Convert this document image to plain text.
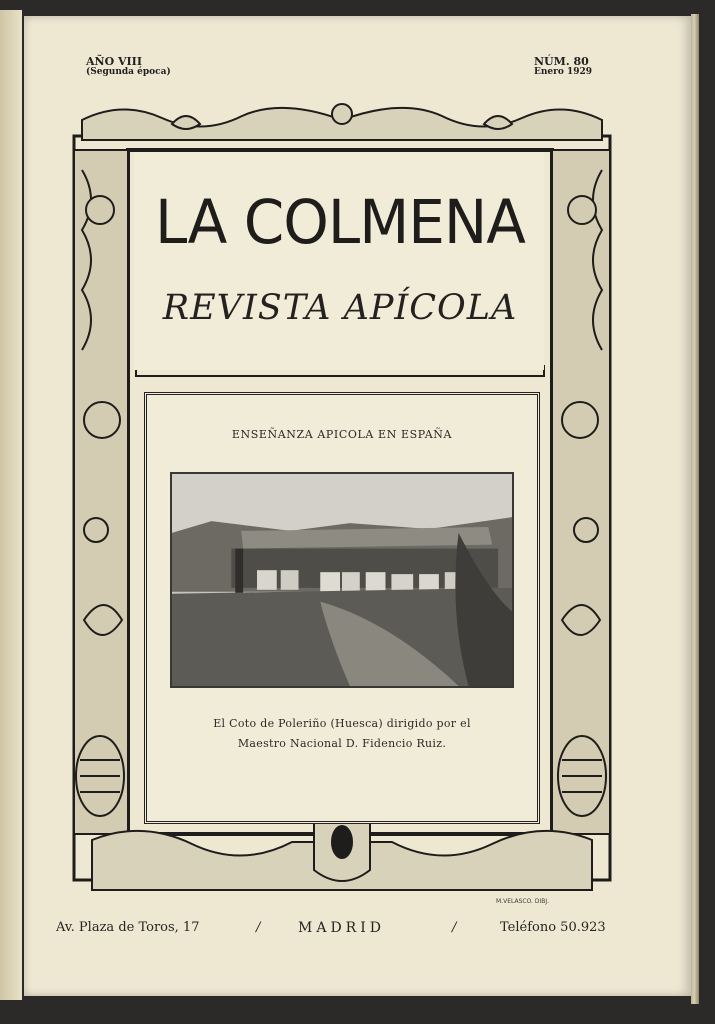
AÑO VIII
(Segunda época)
NÚM. 80
Enero 1929
LA COLMENA
REVISTA APÍCOLA
ENSEÑANZA APICOLA EN ESPAÑA
El Coto de Poleriño (Huesca) dirigido por el
Maestro Nacional D. Fidencio Ruiz.
M.VELASCO. DIBJ.
Av. Plaza de Toros, 17	/	MADRID	/	Teléfono 50.923
